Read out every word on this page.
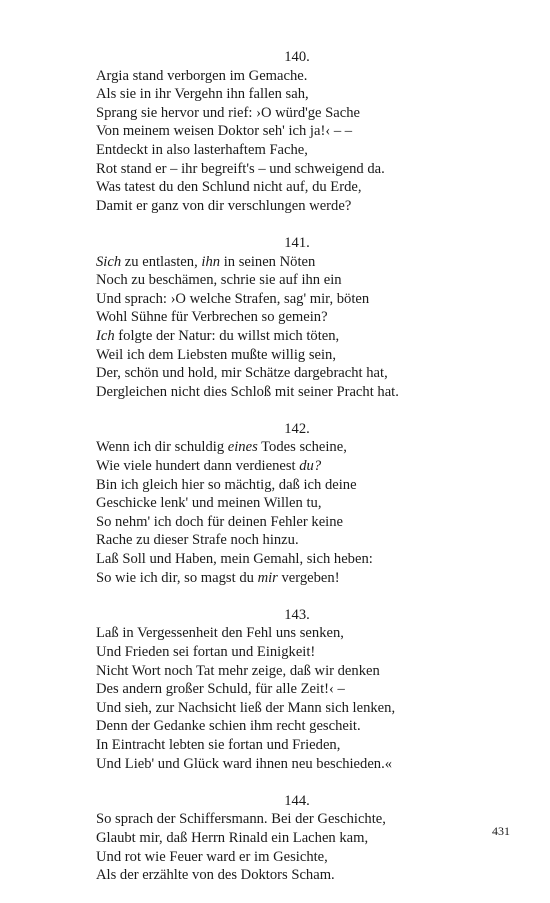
140.
Argia stand verborgen im Gemache.
Als sie in ihr Vergehn ihn fallen sah,
Sprang sie hervor und rief: ›O würd'ge Sache
Von meinem weisen Doktor seh' ich ja!‹ – –
Entdeckt in also lasterhaftem Fache,
Rot stand er – ihr begreift's – und schweigend da.
Was tatest du den Schlund nicht auf, du Erde,
Damit er ganz von dir verschlungen werde?
141.
Sich zu entlasten, ihn in seinen Nöten
Noch zu beschämen, schrie sie auf ihn ein
Und sprach: ›O welche Strafen, sag' mir, böten
Wohl Sühne für Verbrechen so gemein?
Ich folgte der Natur: du willst mich töten,
Weil ich dem Liebsten mußte willig sein,
Der, schön und hold, mir Schätze dargebracht hat,
Dergleichen nicht dies Schloß mit seiner Pracht hat.
142.
Wenn ich dir schuldig eines Todes scheine,
Wie viele hundert dann verdienest du?
Bin ich gleich hier so mächtig, daß ich deine
Geschicke lenk' und meinen Willen tu,
So nehm' ich doch für deinen Fehler keine
Rache zu dieser Strafe noch hinzu.
Laß Soll und Haben, mein Gemahl, sich heben:
So wie ich dir, so magst du mir vergeben!
143.
Laß in Vergessenheit den Fehl uns senken,
Und Frieden sei fortan und Einigkeit!
Nicht Wort noch Tat mehr zeige, daß wir denken
Des andern großer Schuld, für alle Zeit!‹ –
Und sieh, zur Nachsicht ließ der Mann sich lenken,
Denn der Gedanke schien ihm recht gescheit.
In Eintracht lebten sie fortan und Frieden,
Und Lieb' und Glück ward ihnen neu beschieden.«
144.
So sprach der Schiffersmann. Bei der Geschichte,
Glaubt mir, daß Herrn Rinald ein Lachen kam,
Und rot wie Feuer ward er im Gesichte,
Als der erzählte von des Doktors Scham.
431
